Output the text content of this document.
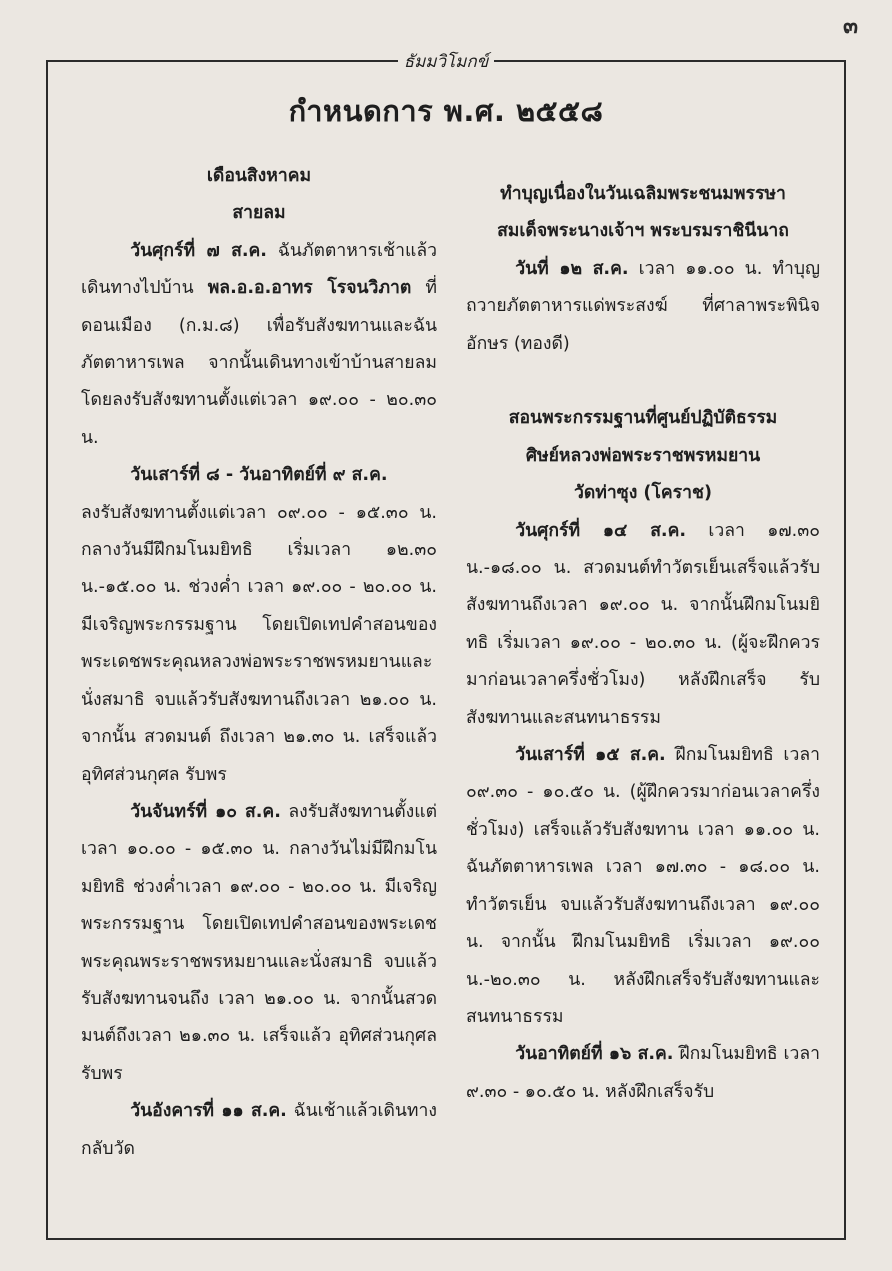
๓
ธัมมวิโมกข์
กำหนดการ พ.ศ. ๒๕๕๘

เดือนสิงหาคม

สายลม

วันศุกร์ที่ ๗ ส.ค. ฉันภัตตาหารเช้าแล้ว เดินทางไปบ้าน พล.อ.อ.อาทร โรจนวิภาต ที่ดอนเมือง (ก.ม.๘) เพื่อรับสังฆทานและฉันภัตตาหารเพล จากนั้นเดินทางเข้าบ้านสายลม โดยลงรับสังฆทานตั้งแต่เวลา ๑๙.๐๐ - ๒๐.๓๐ น.

วันเสาร์ที่ ๘ - วันอาทิตย์ที่ ๙ ส.ค.

ลงรับสังฆทานตั้งแต่เวลา ๐๙.๐๐ - ๑๕.๓๐ น. กลางวันมีฝึกมโนมยิทธิ เริ่มเวลา ๑๒.๓๐ น.-๑๕.๐๐ น. ช่วงค่ำ เวลา ๑๙.๐๐ - ๒๐.๐๐ น. มีเจริญพระกรรมฐาน โดยเปิดเทปคำสอนของพระเดชพระคุณหลวงพ่อพระราชพรหมยานและนั่งสมาธิ จบแล้วรับสังฆทานถึงเวลา ๒๑.๐๐ น. จากนั้น สวดมนต์ ถึงเวลา ๒๑.๓๐ น. เสร็จแล้ว อุทิศส่วนกุศล รับพร

วันจันทร์ที่ ๑๐ ส.ค. ลงรับสังฆทานตั้งแต่เวลา ๑๐.๐๐ - ๑๕.๓๐ น. กลางวันไม่มีฝึกมโนมยิทธิ ช่วงค่ำเวลา ๑๙.๐๐ - ๒๐.๐๐ น. มีเจริญพระกรรมฐาน โดยเปิดเทปคำสอนของพระเดชพระคุณพระราชพรหมยานและนั่งสมาธิ จบแล้วรับสังฆทานจนถึง เวลา ๒๑.๐๐ น. จากนั้นสวดมนต์ถึงเวลา ๒๑.๓๐ น. เสร็จแล้ว อุทิศส่วนกุศล รับพร

วันอังคารที่ ๑๑ ส.ค. ฉันเช้าแล้วเดินทางกลับวัด

ทำบุญเนื่องในวันเฉลิมพระชนมพรรษา

สมเด็จพระนางเจ้าฯ พระบรมราชินีนาถ

วันที่ ๑๒ ส.ค. เวลา ๑๑.๐๐ น. ทำบุญถวายภัตตาหารแด่พระสงฆ์ ที่ศาลาพระพินิจอักษร (ทองดี)

สอนพระกรรมฐานที่ศูนย์ปฏิบัติธรรม

ศิษย์หลวงพ่อพระราชพรหมยาน

วัดท่าซุง (โคราช)

วันศุกร์ที่ ๑๔ ส.ค. เวลา ๑๗.๓๐ น.-๑๘.๐๐ น. สวดมนต์ทำวัตรเย็นเสร็จแล้วรับสังฆทานถึงเวลา ๑๙.๐๐ น. จากนั้นฝึกมโนมยิทธิ เริ่มเวลา ๑๙.๐๐ - ๒๐.๓๐ น. (ผู้จะฝึกควรมาก่อนเวลาครึ่งชั่วโมง) หลังฝึกเสร็จ รับสังฆทานและสนทนาธรรม

วันเสาร์ที่ ๑๕ ส.ค. ฝึกมโนมยิทธิ เวลา ๐๙.๓๐ - ๑๐.๕๐ น. (ผู้ฝึกควรมาก่อนเวลาครึ่งชั่วโมง) เสร็จแล้วรับสังฆทาน เวลา ๑๑.๐๐ น. ฉันภัตตาหารเพล เวลา ๑๗.๓๐ - ๑๘.๐๐ น. ทำวัตรเย็น จบแล้วรับสังฆทานถึงเวลา ๑๙.๐๐ น. จากนั้น ฝึกมโนมยิทธิ เริ่มเวลา ๑๙.๐๐ น.-๒๐.๓๐ น. หลังฝึกเสร็จรับสังฆทานและสนทนาธรรม

วันอาทิตย์ที่ ๑๖ ส.ค. ฝึกมโนมยิทธิ เวลา ๙.๓๐ - ๑๐.๕๐ น. หลังฝึกเสร็จรับ
